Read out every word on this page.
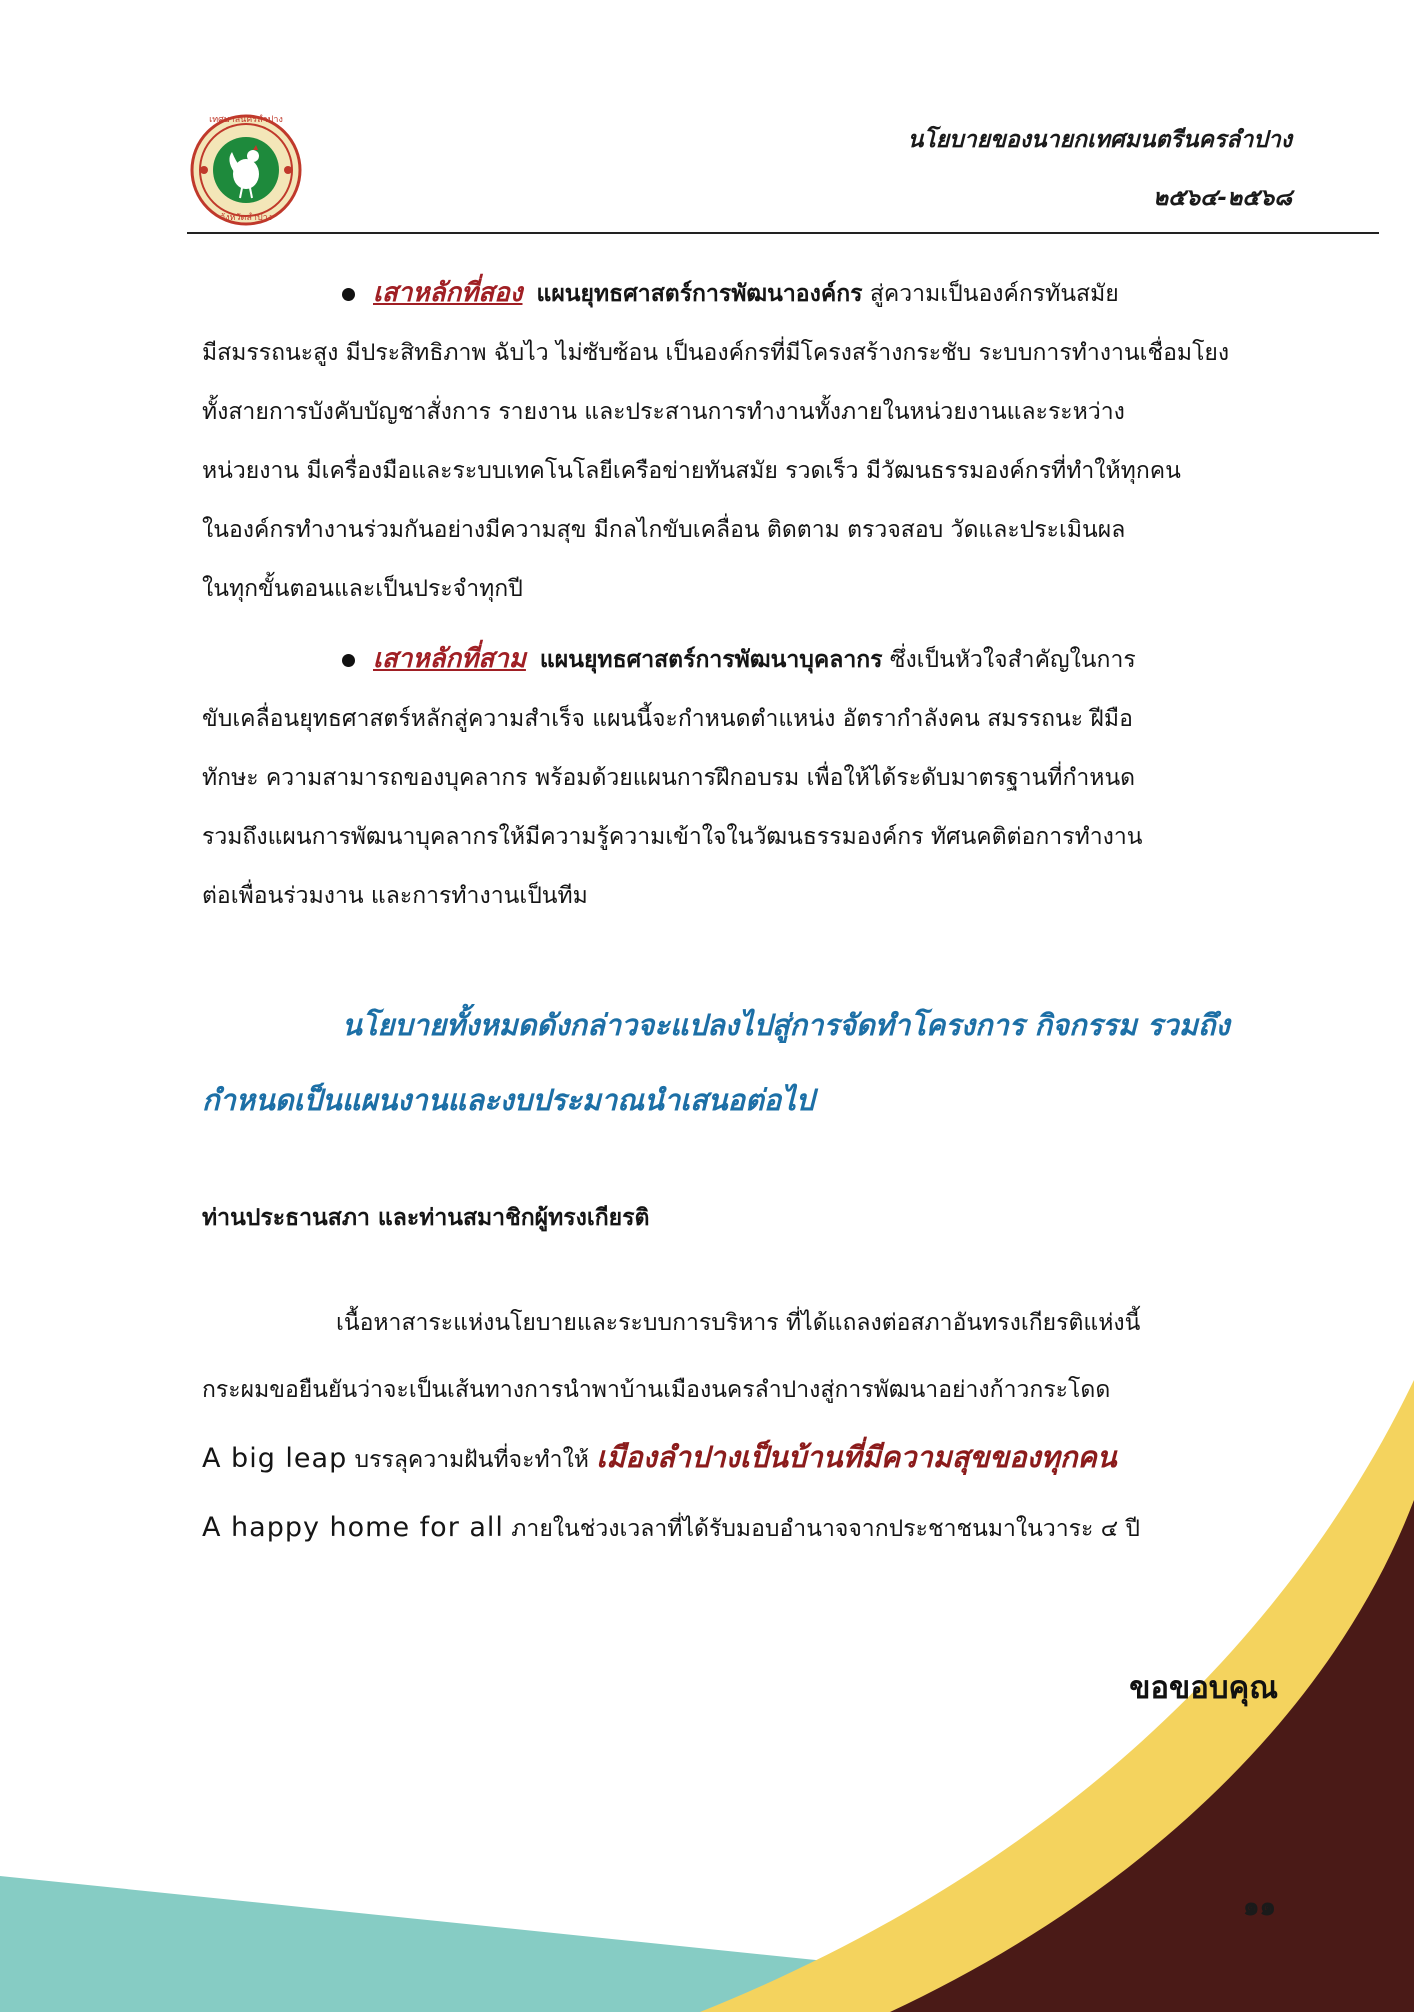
เทศบาลนครลำปาง
จังหวัดลำปาง
นโยบายของนายกเทศมนตรีนครลำปาง
๒๕๖๔-๒๕๖๘
เสาหลักที่สอง แผนยุทธศาสตร์การพัฒนาองค์กร สู่ความเป็นองค์กรทันสมัย
มีสมรรถนะสูง มีประสิทธิภาพ ฉับไว ไม่ซับซ้อน เป็นองค์กรที่มีโครงสร้างกระชับ ระบบการทำงานเชื่อมโยง
ทั้งสายการบังคับบัญชาสั่งการ รายงาน และประสานการทำงานทั้งภายในหน่วยงานและระหว่าง
หน่วยงาน มีเครื่องมือและระบบเทคโนโลยีเครือข่ายทันสมัย รวดเร็ว มีวัฒนธรรมองค์กรที่ทำให้ทุกคน
ในองค์กรทำงานร่วมกันอย่างมีความสุข มีกลไกขับเคลื่อน ติดตาม ตรวจสอบ วัดและประเมินผล
ในทุกขั้นตอนและเป็นประจำทุกปี
เสาหลักที่สาม แผนยุทธศาสตร์การพัฒนาบุคลากร ซึ่งเป็นหัวใจสำคัญในการ
ขับเคลื่อนยุทธศาสตร์หลักสู่ความสำเร็จ แผนนี้จะกำหนดตำแหน่ง อัตรากำลังคน สมรรถนะ ฝีมือ
ทักษะ ความสามารถของบุคลากร พร้อมด้วยแผนการฝึกอบรม เพื่อให้ได้ระดับมาตรฐานที่กำหนด
รวมถึงแผนการพัฒนาบุคลากรให้มีความรู้ความเข้าใจในวัฒนธรรมองค์กร ทัศนคติต่อการทำงาน
ต่อเพื่อนร่วมงาน และการทำงานเป็นทีม
นโยบายทั้งหมดดังกล่าวจะแปลงไปสู่การจัดทำโครงการ กิจกรรม รวมถึง
กำหนดเป็นแผนงานและงบประมาณนำเสนอต่อไป
ท่านประธานสภา และท่านสมาชิกผู้ทรงเกียรติ
เนื้อหาสาระแห่งนโยบายและระบบการบริหาร ที่ได้แถลงต่อสภาอันทรงเกียรติแห่งนี้
กระผมขอยืนยันว่าจะเป็นเส้นทางการนำพาบ้านเมืองนครลำปางสู่การพัฒนาอย่างก้าวกระโดด
A big leap บรรลุความฝันที่จะทำให้ เมืองลำปางเป็นบ้านที่มีความสุขของทุกคน
A happy home for all ภายในช่วงเวลาที่ได้รับมอบอำนาจจากประชาชนมาในวาระ ๔ ปี
ขอขอบคุณ
๑๑
